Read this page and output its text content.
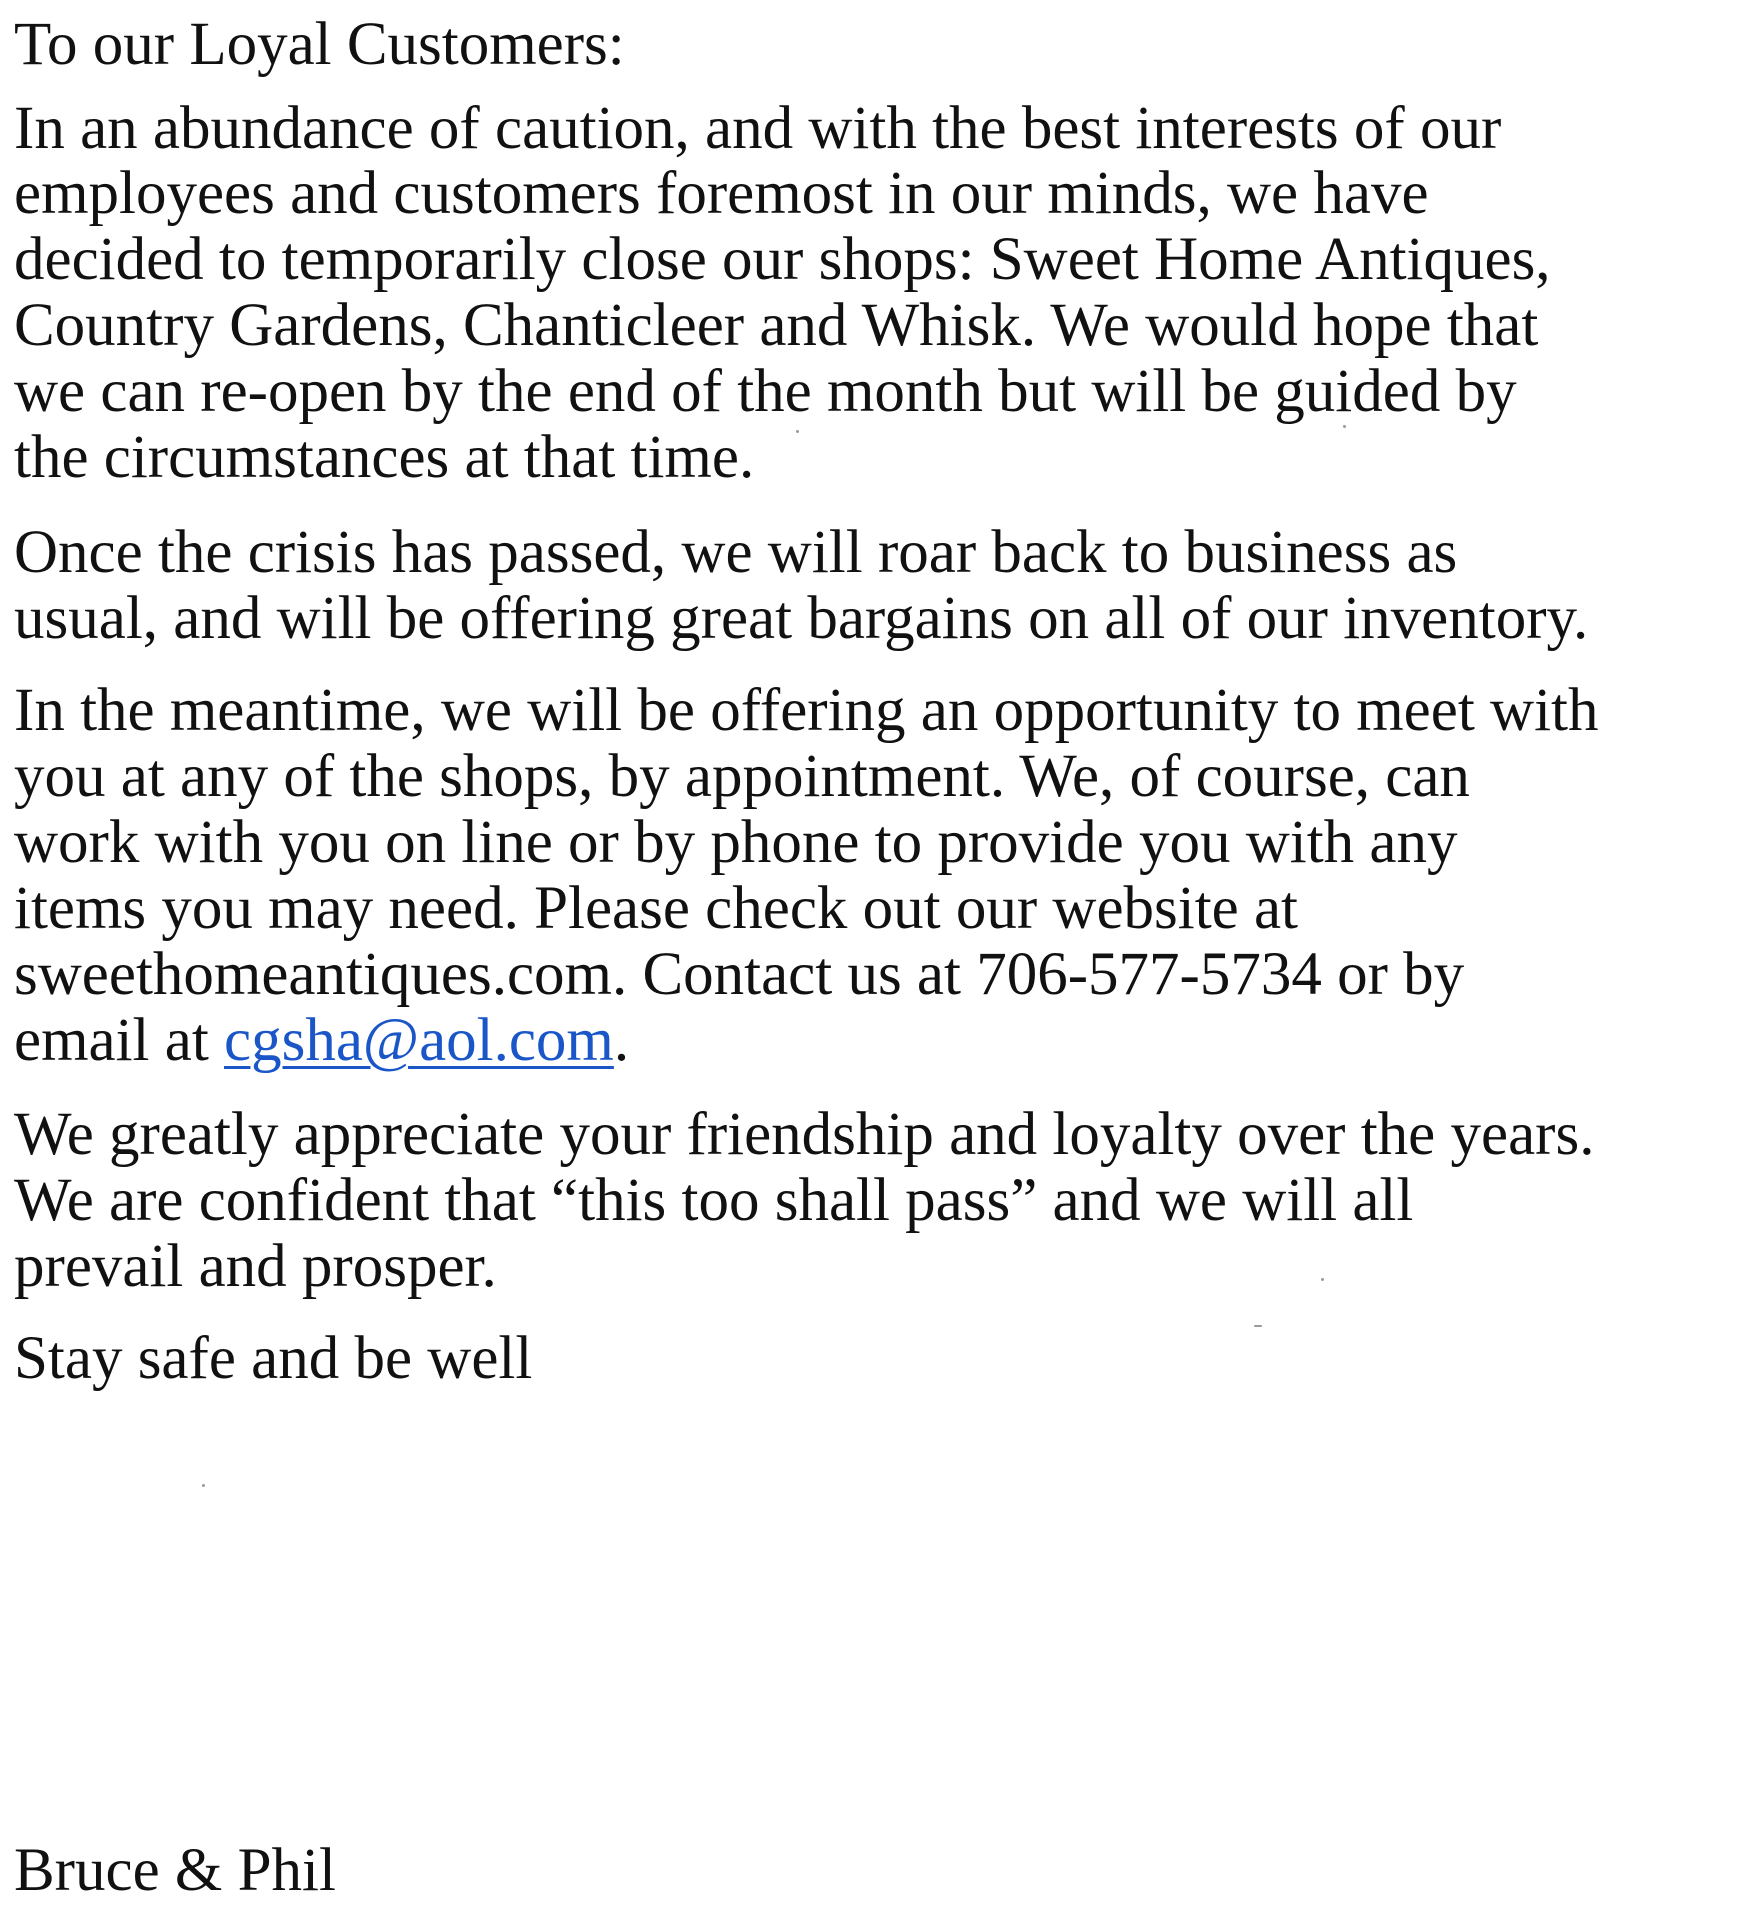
To our Loyal Customers:
In an abundance of caution, and with the best interests of our
employees and customers foremost in our minds, we have
decided to temporarily close our shops: Sweet Home Antiques,
Country Gardens, Chanticleer and Whisk. We would hope that
we can re-open by the end of the month but will be guided by
the circumstances at that time.
Once the crisis has passed, we will roar back to business as
usual, and will be offering great bargains on all of our inventory.
In the meantime, we will be offering an opportunity to meet with
you at any of the shops, by appointment. We, of course, can
work with you on line or by phone to provide you with any
items you may need. Please check out our website at
sweethomeantiques.com. Contact us at 706-577-5734 or by
email at cgsha@aol.com.
We greatly appreciate your friendship and loyalty over the years.
We are confident that “this too shall pass” and we will all
prevail and prosper.
Stay safe and be well
Bruce & Phil
